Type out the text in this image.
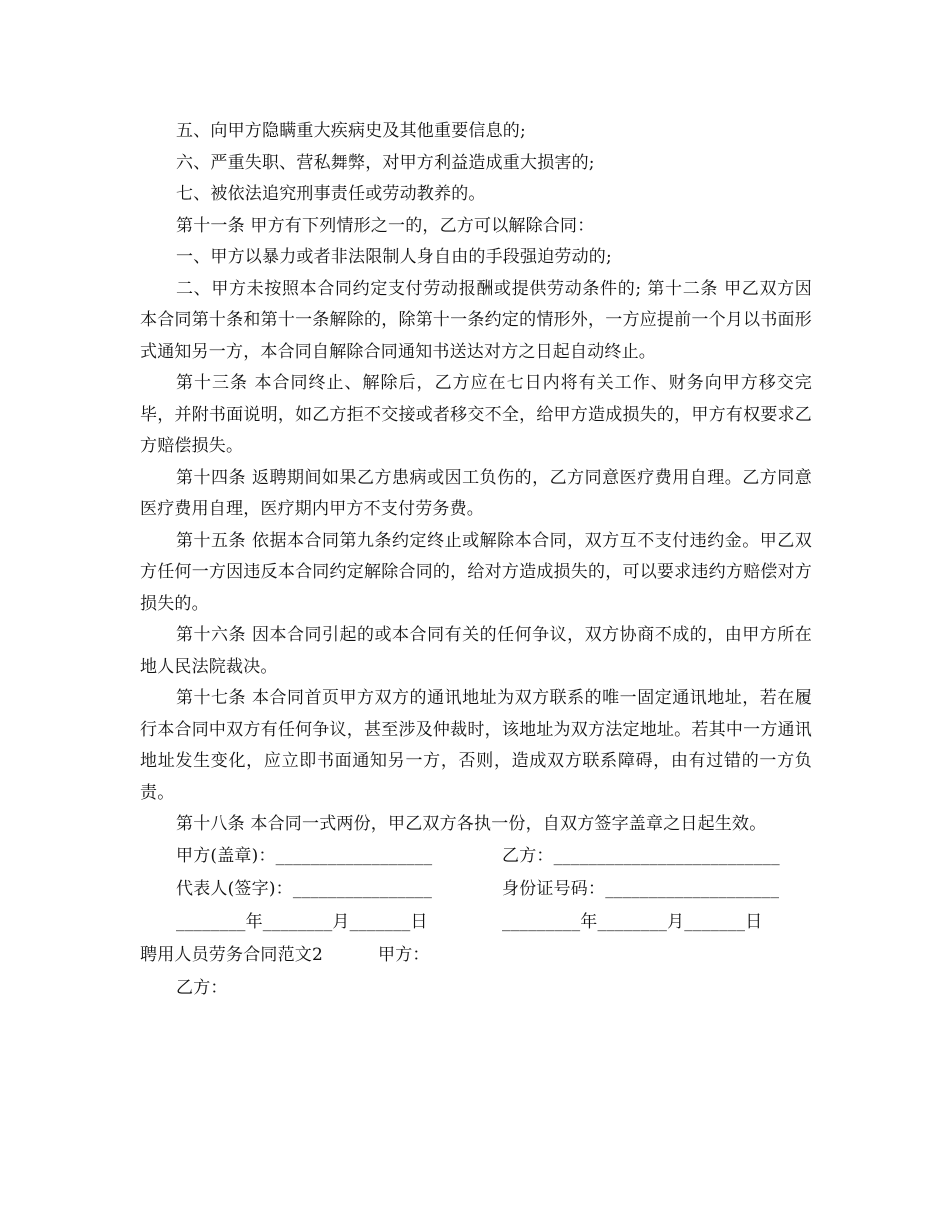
五、向甲方隐瞒重大疾病史及其他重要信息的;

六、严重失职、营私舞弊，对甲方利益造成重大损害的;

七、被依法追究刑事责任或劳动教养的。

第十一条 甲方有下列情形之一的，乙方可以解除合同：

一、甲方以暴力或者非法限制人身自由的手段强迫劳动的;

二、甲方未按照本合同约定支付劳动报酬或提供劳动条件的; 第十二条 甲乙双方因本合同第十条和第十一条解除的，除第十一条约定的情形外，一方应提前一个月以书面形式通知另一方，本合同自解除合同通知书送达对方之日起自动终止。

第十三条 本合同终止、解除后，乙方应在七日内将有关工作、财务向甲方移交完毕，并附书面说明，如乙方拒不交接或者移交不全，给甲方造成损失的，甲方有权要求乙方赔偿损失。

第十四条 返聘期间如果乙方患病或因工负伤的，乙方同意医疗费用自理。乙方同意医疗费用自理，医疗期内甲方不支付劳务费。

第十五条 依据本合同第九条约定终止或解除本合同，双方互不支付违约金。甲乙双方任何一方因违反本合同约定解除合同的，给对方造成损失的，可以要求违约方赔偿对方损失的。

第十六条 因本合同引起的或本合同有关的任何争议，双方协商不成的，由甲方所在地人民法院裁决。

第十七条 本合同首页甲方双方的通讯地址为双方联系的唯一固定通讯地址，若在履行本合同中双方有任何争议，甚至涉及仲裁时，该地址为双方法定地址。若其中一方通讯地址发生变化，应立即书面通知另一方，否则，造成双方联系障碍，由有过错的一方负责。

第十八条 本合同一式两份，甲乙双方各执一份，自双方签字盖章之日起生效。

甲方(盖章)：__________________	乙方：__________________________
代表人(签字)：________________	身份证号码：____________________
________年________月_______日	_________年________月_______日
聘用人员劳务合同范文2	甲方：
乙方：
